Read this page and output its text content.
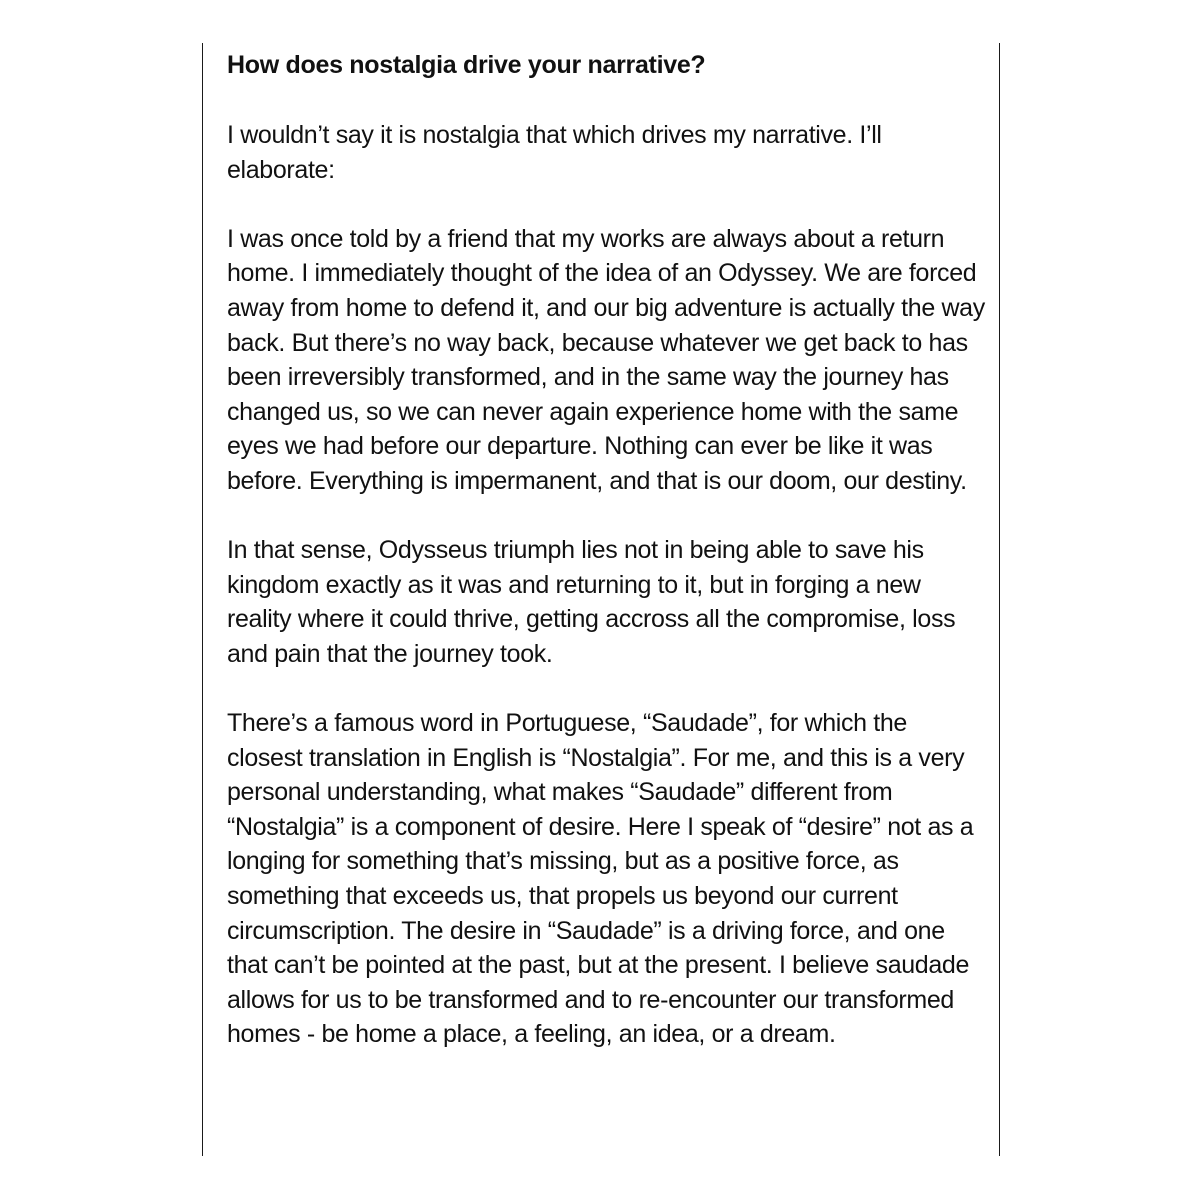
How does nostalgia drive your narrative?

I wouldn’t say it is nostalgia that which drives my narrative. I’ll elaborate:

I was once told by a friend that my works are always about a return home. I immediately thought of the idea of an Odyssey. We are forced away from home to defend it, and our big adventure is actually the way back. But there’s no way back, because whatever we get back to has been irreversibly transformed, and in the same way the journey has changed us, so we can never again experience home with the same eyes we had before our departure. Nothing can ever be like it was before. Everything is impermanent, and that is our doom, our destiny.

In that sense, Odysseus triumph lies not in being able to save his kingdom exactly as it was and returning to it, but in forging a new reality where it could thrive, getting accross all the compromise, loss and pain that the journey took.

There’s a famous word in Portuguese, “Saudade”, for which the closest translation in English is “Nostalgia”. For me, and this is a very personal understanding, what makes “Saudade” different from “Nostalgia” is a component of desire. Here I speak of “desire” not as a longing for something that’s missing, but as a positive force, as something that exceeds us, that propels us beyond our current circumscription. The desire in “Saudade” is a driving force, and one that can’t be pointed at the past, but at the present. I believe saudade allows for us to be transformed and to re-encounter our transformed homes - be home a place, a feeling, an idea, or a dream.
